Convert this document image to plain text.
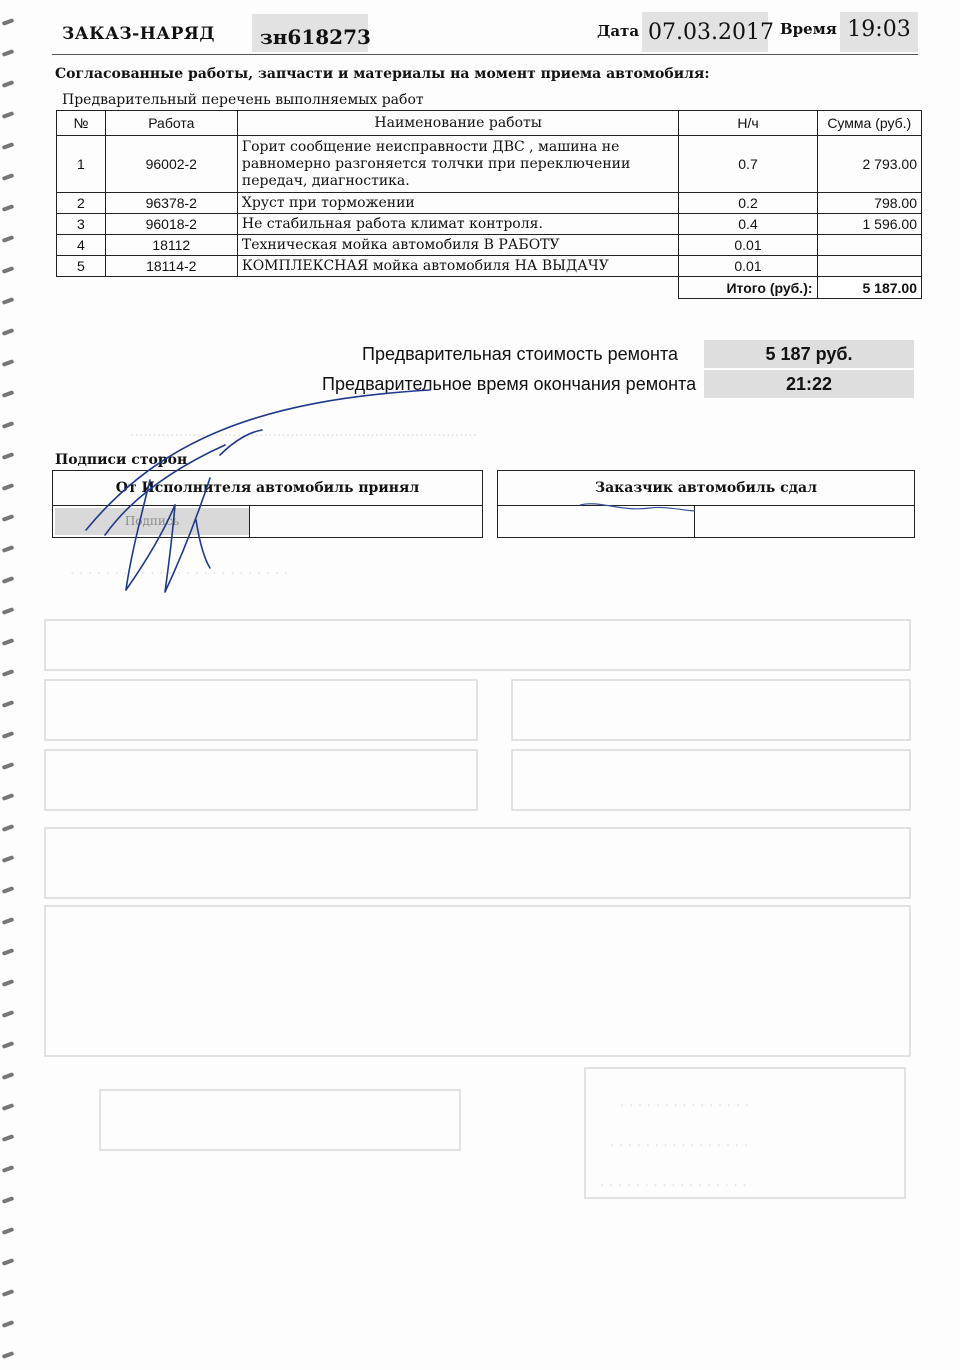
··············································································
· · · · · · · · · · · · · · · · · · · · · · · · ·
· · · · · · · · · · · · · · ·
· · · · · · · · · · · · · · · ·
· · · · · · · · · · · · · · · · ·
ЗАКАЗ-НАРЯД	зн618273	Дата 07.03.2017 Время 19:03
Согласованные работы, запчасти и материалы на момент приема автомобиля:
Предварительный перечень выполняемых работ
№	Работа	Наименование работы	Н/ч	Сумма (руб.)
1	96002-2	Горит сообщение неисправности ДВС , машина не равномерно разгоняется толчки при переключении передач, диагностика.	0.7	2 793.00
2	96378-2	Хруст при торможении	0.2	798.00
3	96018-2	Не стабильная работа климат контроля.	0.4	1 596.00
4	18112	Техническая мойка автомобиля В РАБОТУ	0.01	
5	18114-2	КОМПЛЕКСНАЯ мойка автомобиля НА ВЫДАЧУ	0.01	
			Итого (руб.):	5 187.00
Предварительная стоимость ремонта	5 187 руб.
Предварительное время окончания ремонта	21:22
Подписи сторон
От Исполнителя автомобиль принял
Подпись
Заказчик автомобиль сдал
